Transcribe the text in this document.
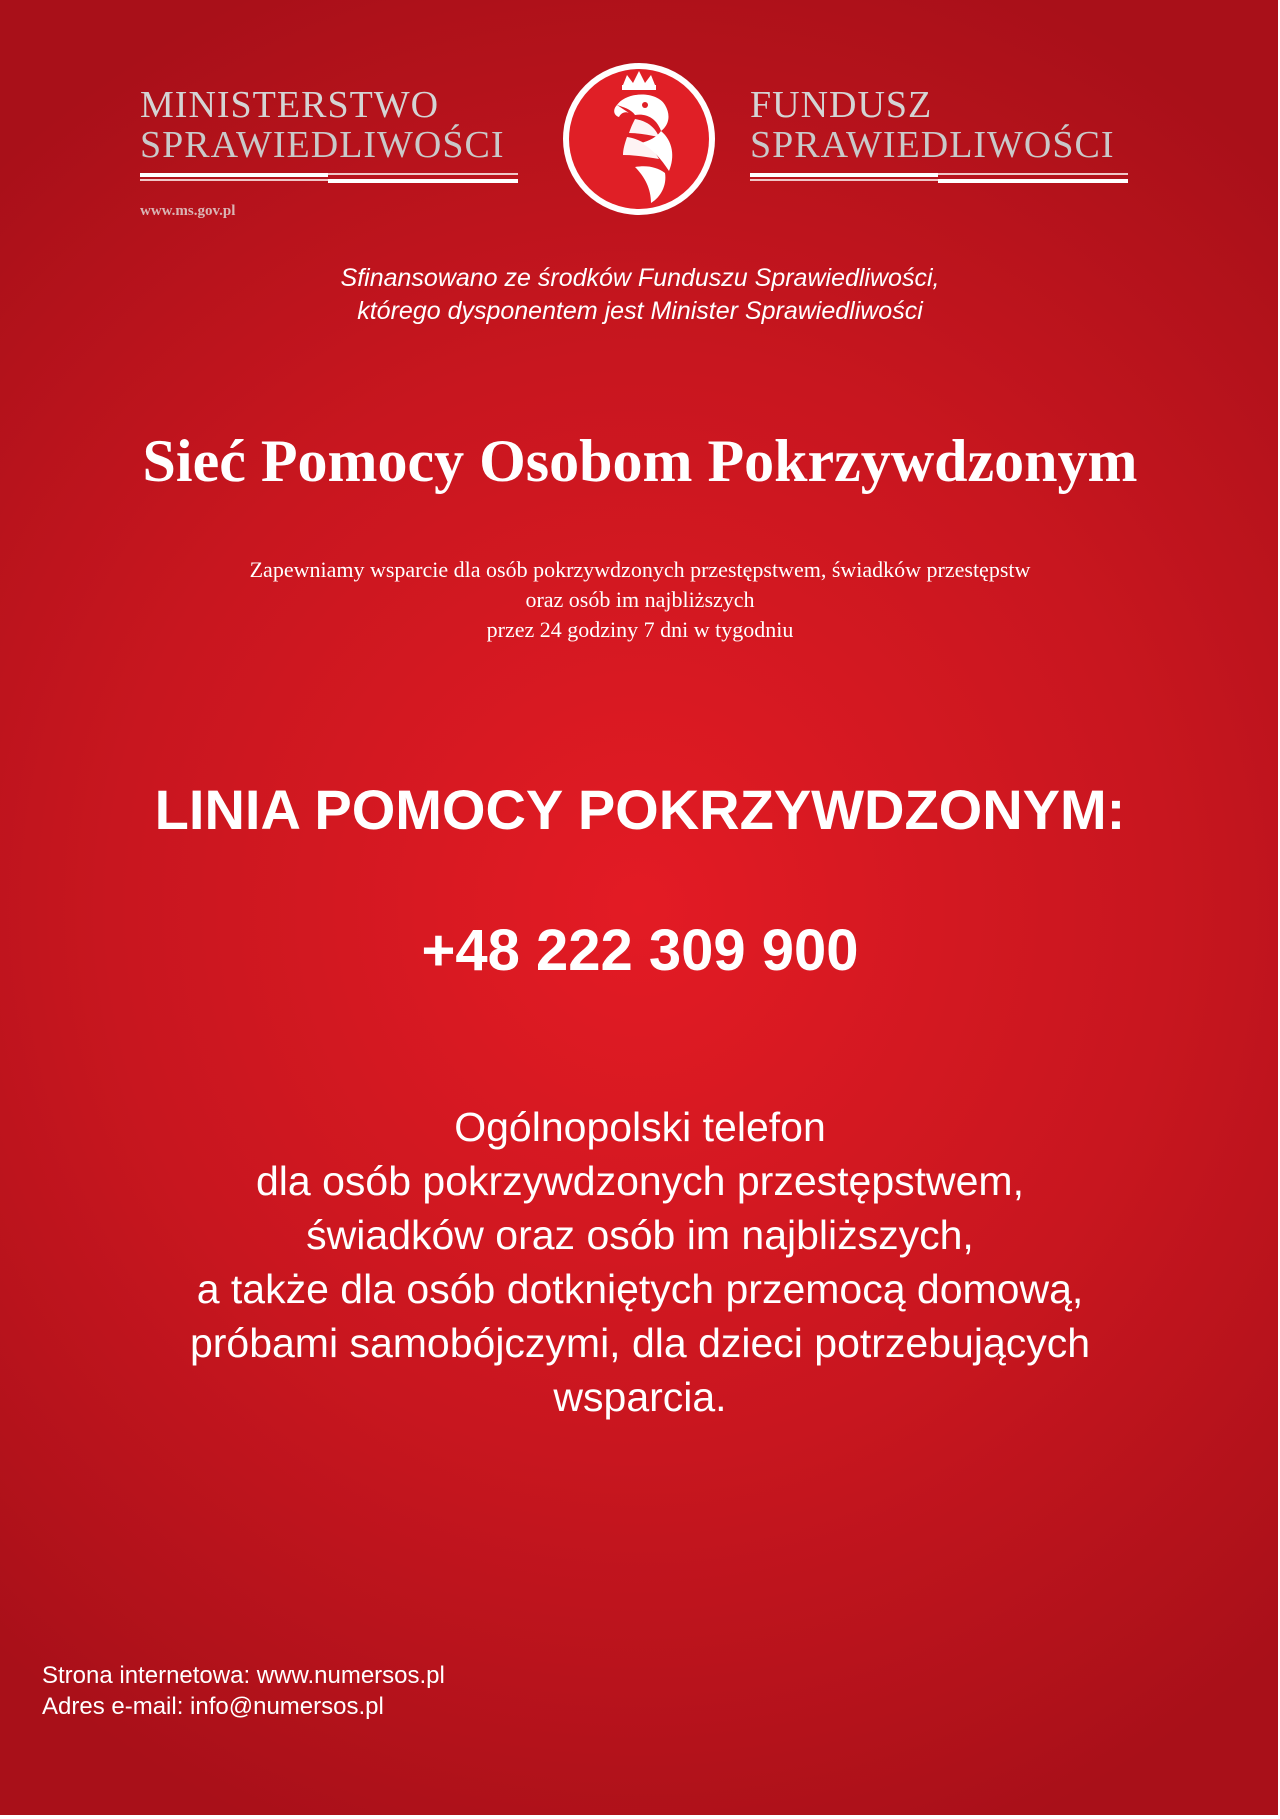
MINISTERSTWO
SPRAWIEDLIWOŚCI
www.ms.gov.pl
FUNDUSZ
SPRAWIEDLIWOŚCI
Sfinansowano ze środków Funduszu Sprawiedliwości,
którego dysponentem jest Minister Sprawiedliwości
Sieć Pomocy Osobom Pokrzywdzonym
Zapewniamy wsparcie dla osób pokrzywdzonych przestępstwem, świadków przestępstw
oraz osób im najbliższych
przez 24 godziny 7 dni w tygodniu
LINIA POMOCY POKRZYWDZONYM:
+48 222 309 900
Ogólnopolski telefon
dla osób pokrzywdzonych przestępstwem,
świadków oraz osób im najbliższych,
a także dla osób dotkniętych przemocą domową,
próbami samobójczymi, dla dzieci potrzebujących
wsparcia.
Strona internetowa: www.numersos.pl
Adres e-mail: info@numersos.pl
